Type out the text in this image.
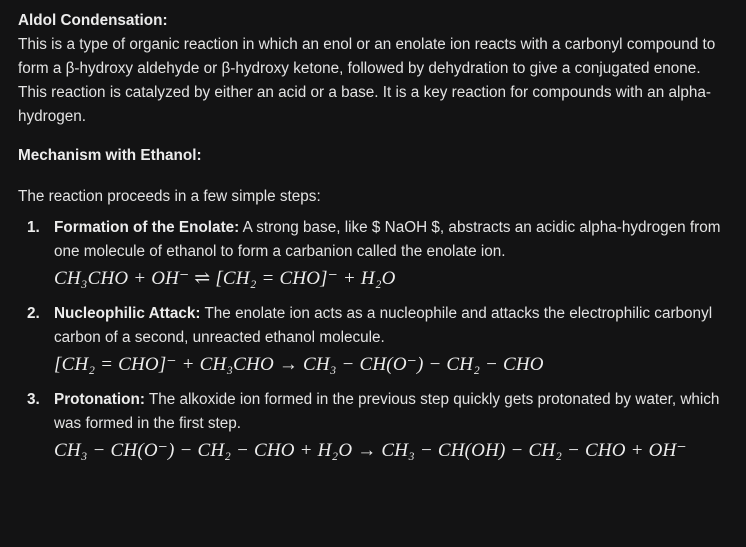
Aldol Condensation:

This is a type of organic reaction in which an enol or an enolate ion reacts with a carbonyl compound to form a β-hydroxy aldehyde or β-hydroxy ketone, followed by dehydration to give a conjugated enone. This reaction is catalyzed by either an acid or a base. It is a key reaction for compounds with an alpha-hydrogen.

Mechanism with Ethanol:

The reaction proceeds in a few simple steps:

1. Formation of the Enolate: A strong base, like $ NaOH $, abstracts an acidic alpha-hydrogen from one molecule of ethanol to form a carbanion called the enolate ion.
CH₃CHO + OH⁻ ⇌ [CH₂ = CHO]⁻ + H₂O
2. Nucleophilic Attack: The enolate ion acts as a nucleophile and attacks the electrophilic carbonyl carbon of a second, unreacted ethanol molecule.
[CH₂ = CHO]⁻ + CH₃CHO → CH₃ − CH(O⁻) − CH₂ − CHO
3. Protonation: The alkoxide ion formed in the previous step quickly gets protonated by water, which was formed in the first step.
CH₃ − CH(O⁻) − CH₂ − CHO + H₂O → CH₃ − CH(OH) − CH₂ − CHO + OH⁻
